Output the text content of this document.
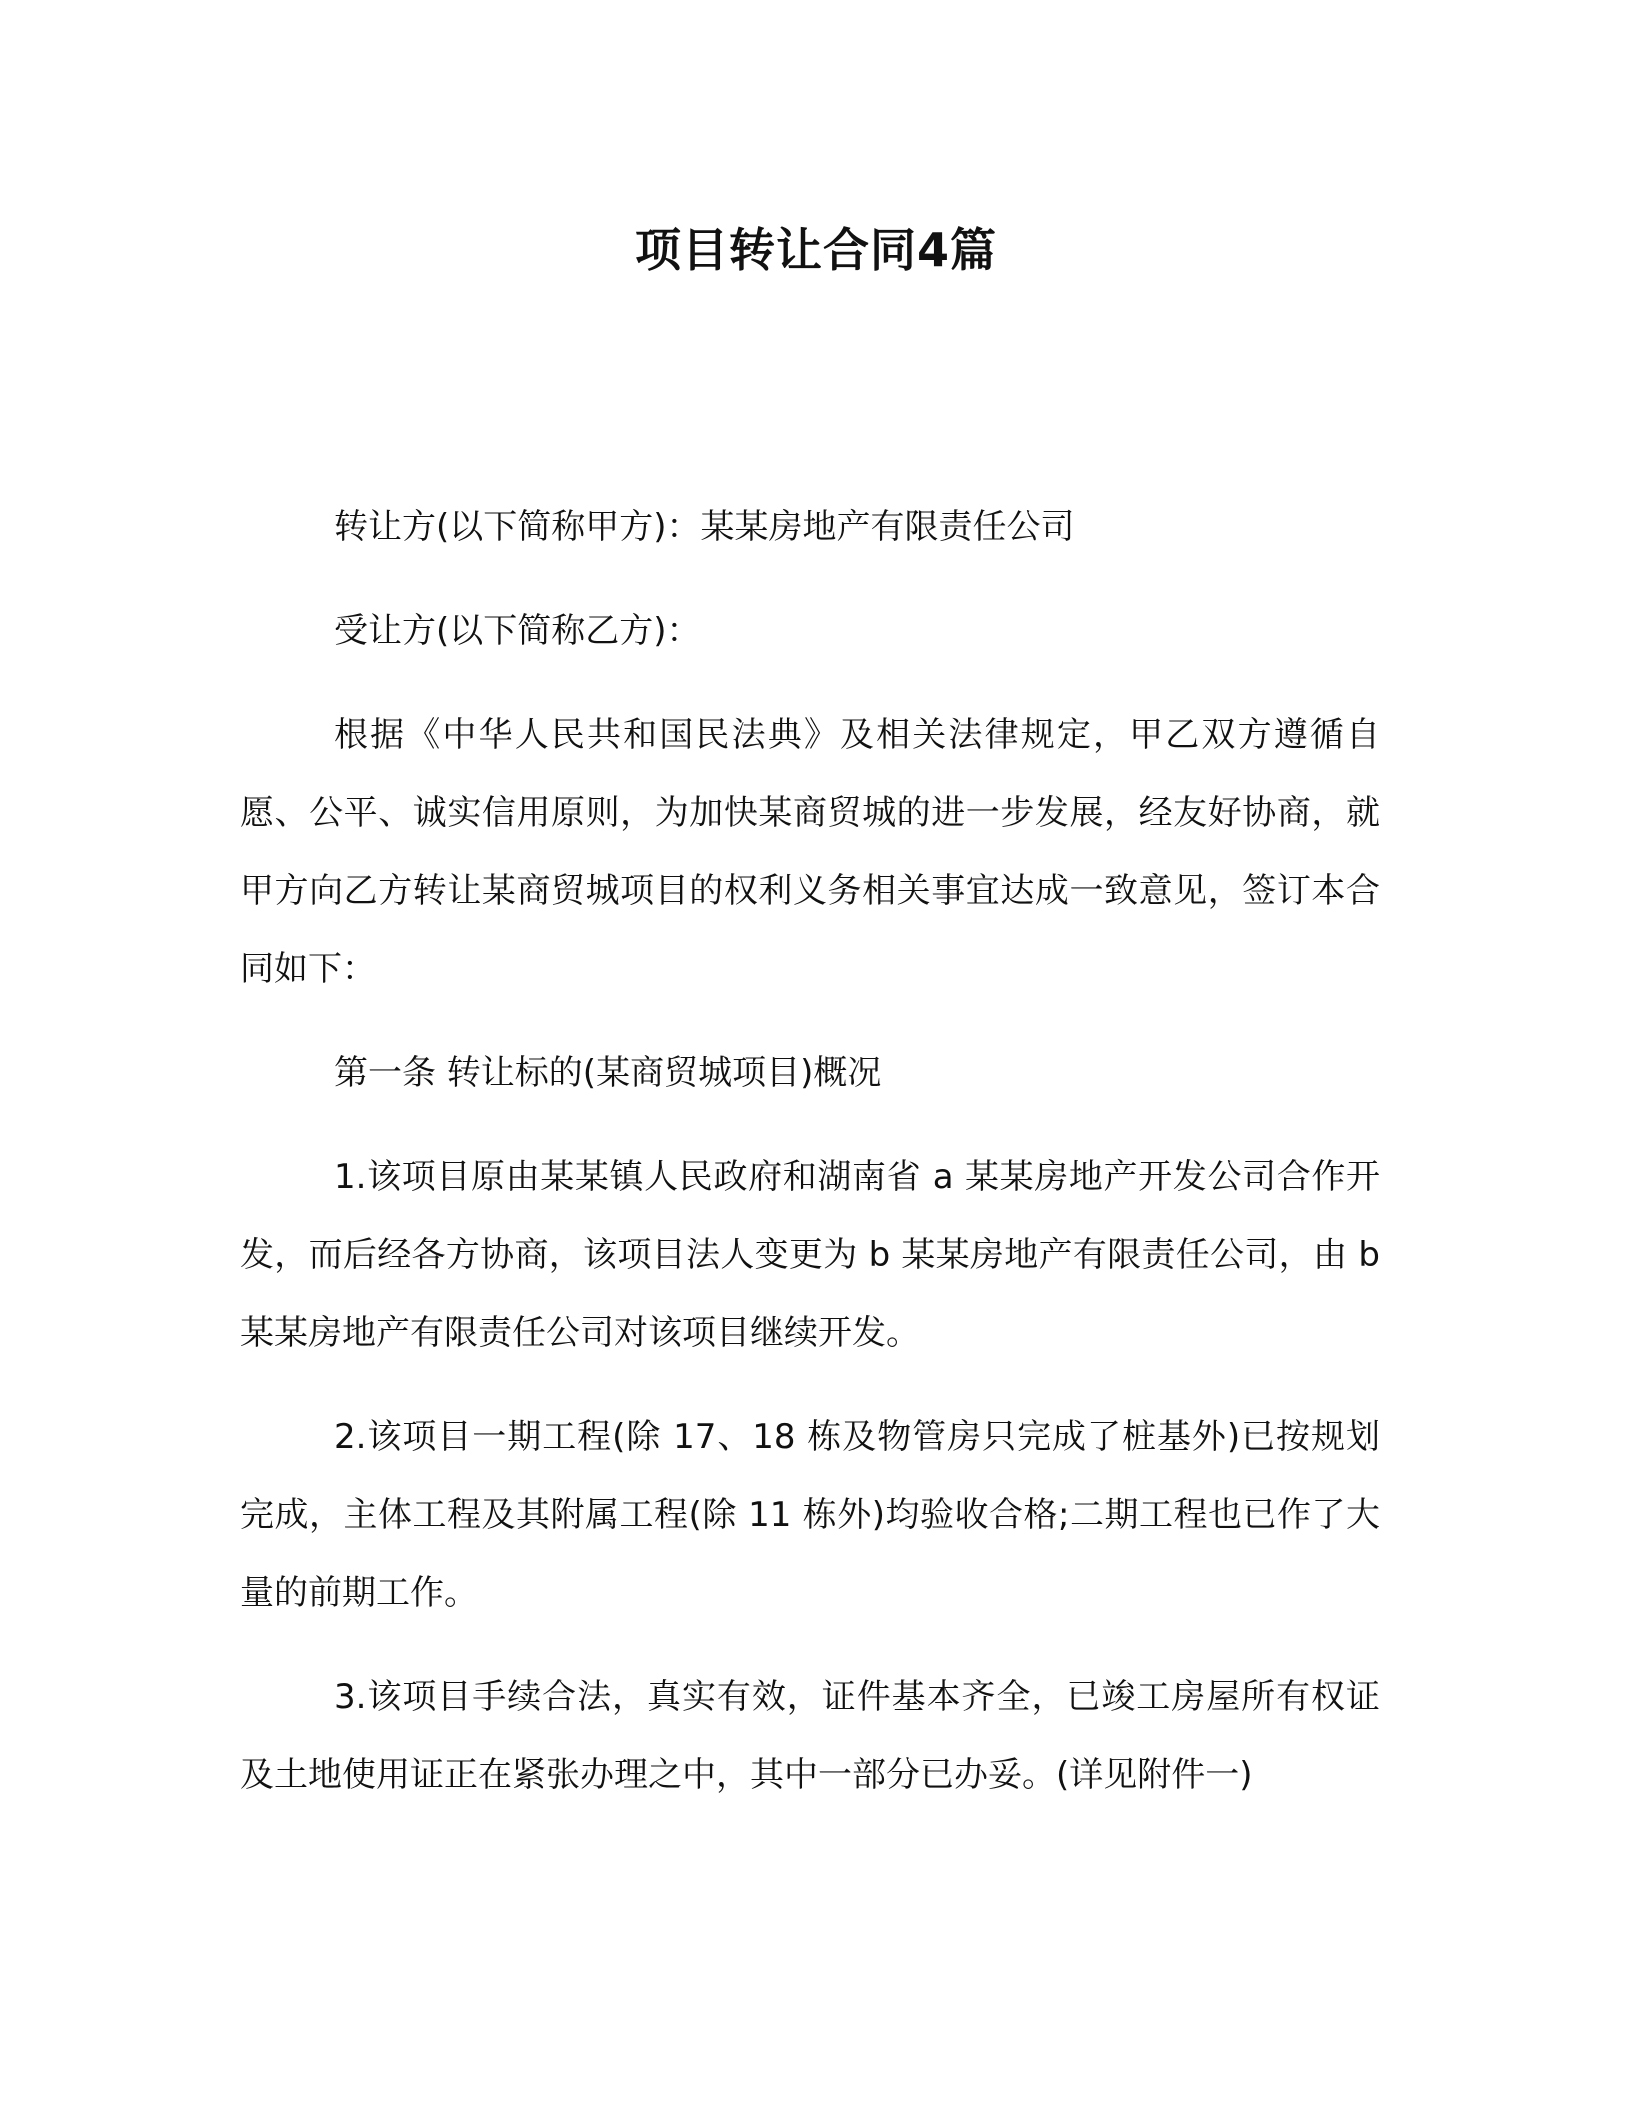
项目转让合同4篇

转让方(以下简称甲方)：某某房地产有限责任公司

受让方(以下简称乙方)：

根据《中华人民共和国民法典》及相关法律规定，甲乙双方遵循自愿、公平、诚实信用原则，为加快某商贸城的进一步发展，经友好协商，就甲方向乙方转让某商贸城项目的权利义务相关事宜达成一致意见，签订本合同如下：

第一条 转让标的(某商贸城项目)概况

1.该项目原由某某镇人民政府和湖南省 a 某某房地产开发公司合作开发，而后经各方协商，该项目法人变更为 b 某某房地产有限责任公司，由 b 某某房地产有限责任公司对该项目继续开发。

2.该项目一期工程(除 17、18 栋及物管房只完成了桩基外)已按规划完成，主体工程及其附属工程(除 11 栋外)均验收合格;二期工程也已作了大量的前期工作。

3.该项目手续合法，真实有效，证件基本齐全，已竣工房屋所有权证及土地使用证正在紧张办理之中，其中一部分已办妥。(详见附件一)
